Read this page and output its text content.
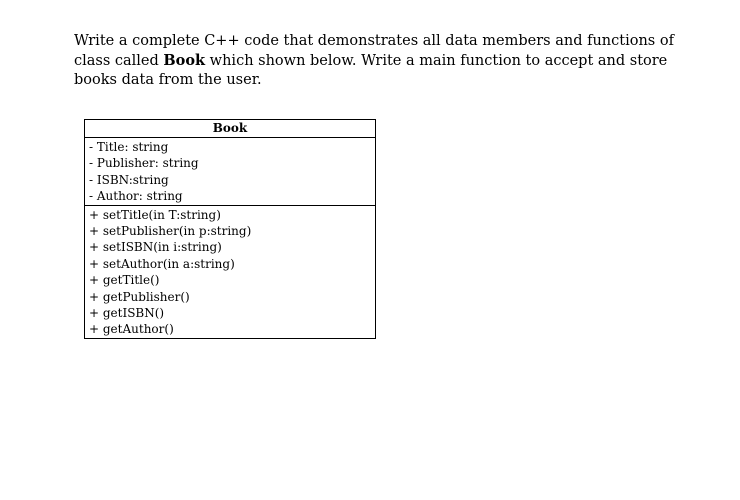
Write a complete C++ code that demonstrates all data members and functions of class called Book which shown below. Write a main function to accept and store books data from the user.
Book
- Title: string
- Publisher: string
- ISBN:string
- Author: string
+ setTitle(in T:string)
+ setPublisher(in p:string)
+ setISBN(in i:string)
+ setAuthor(in a:string)
+ getTitle()
+ getPublisher()
+ getISBN()
+ getAuthor()
